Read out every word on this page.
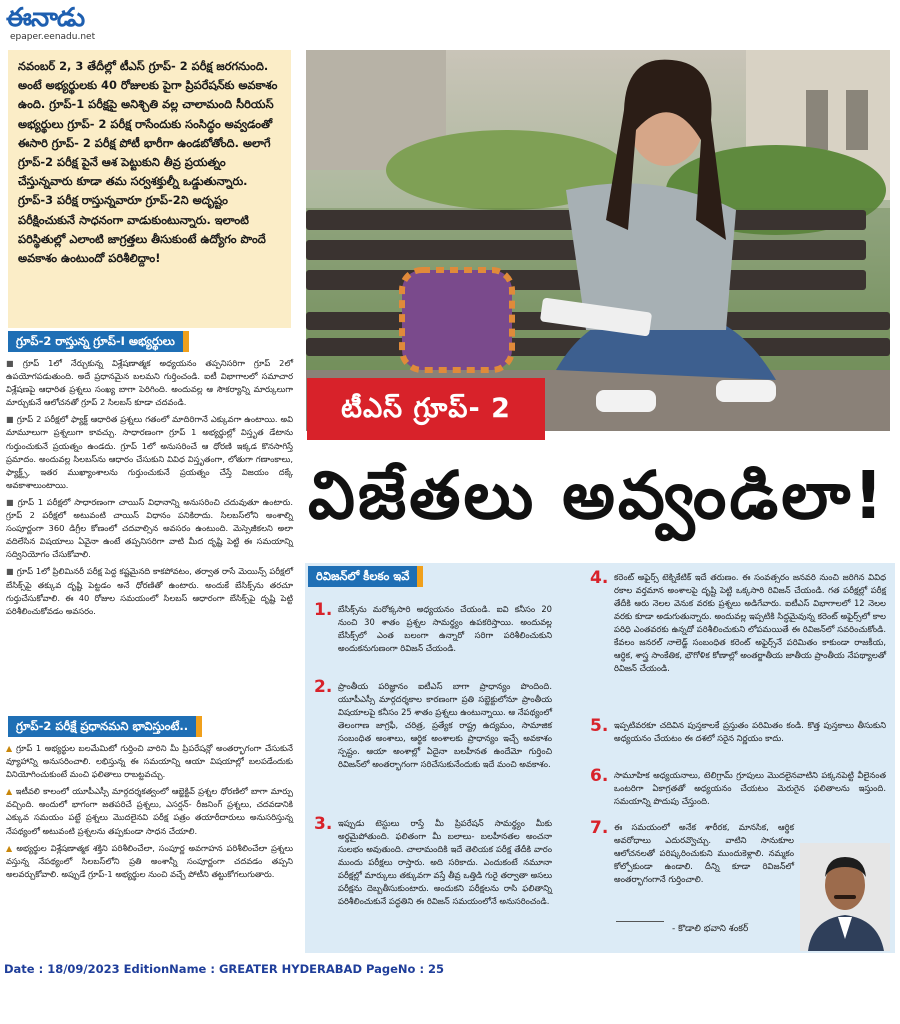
ఈనాడు
epaper.eenadu.net
నవంబర్ 2, 3 తేదీల్లో టీఎస్ గ్రూప్- 2 పరీక్ష జరగనుంది. అంటే అభ్యర్థులకు 40 రోజులకు పైగా ప్రిపరేషన్‌కు అవకాశం ఉంది. గ్రూప్-1 పరీక్షపై అనిశ్చితి వల్ల చాలామంది సీరియస్ అభ్యర్థులు గ్రూప్- 2 పరీక్ష రాసేందుకు సంసిద్ధం అవ్వడంతో ఈసారి గ్రూప్- 2 పరీక్ష పోటీ భారీగా ఉండబోతోంది. అలాగే గ్రూప్-2 పరీక్ష పైనే ఆశ పెట్టుకుని తీవ్ర ప్రయత్నం చేస్తున్నవారు కూడా తమ సర్వశక్తుల్నీ ఒడ్డుతున్నారు. గ్రూప్-3 పరీక్ష రాస్తున్నవారూ గ్రూప్-2ని అదృష్టం పరీక్షించుకునే సాధనంగా వాడుకుంటున్నారు. ఇలాంటి పరిస్థితుల్లో ఎలాంటి జాగ్రత్తలు తీసుకుంటే ఉద్యోగం పొందే అవకాశం ఉంటుందో పరిశీలిద్దాం!
గ్రూప్-2 రాస్తున్న గ్రూప్-I అభ్యర్థులు

■ గ్రూప్ 1లో నేర్చుకున్న విశ్లేషణాత్మక అధ్యయనం తప్పనిసరిగా గ్రూప్ 2లో ఉపయోగపడుతుంది. అదే ప్రధానమైన బలమని గుర్తించండి. ఐటీ విభాగాలలో సమాచార విశ్లేషణపై ఆధారిత ప్రశ్నలు సంఖ్య బాగా పెరిగింది. అందువల్ల ఆ సౌకర్యాన్ని మార్కులుగా మార్చుకునే ఆలోచనతో గ్రూప్ 2 సిలబస్ కూడా చదవండి.

■ గ్రూప్ 2 పరీక్షలో ఫ్యాక్ట్ ఆధారిత ప్రశ్నలు గతంలో మాదిరిగానే ఎక్కువగా ఉంటాయి. అవి మామూలుగా ప్రశ్నలుగా కావచ్చు. సాధారణంగా గ్రూప్ 1 అభ్యర్థుల్లో విస్తృత డేటాను గుర్తుంచుకునే ప్రయత్నం ఉండదు. గ్రూప్ 1లో అనుసరించే ఆ ధోరణి ఇక్కడ కొనసాగిస్తే ప్రమాదం. అందువల్ల సిలబస్‌ను ఆధారం చేసుకుని వివిధ విస్తృతంగా, లోతుగా గణాంకాలు, ఫ్యాక్ట్స్, ఇతర ముఖ్యాంశాలను గుర్తుంచుకునే ప్రయత్నం చేస్తే విజయం దక్కే అవకాశాలుంటాయి.

■ గ్రూప్ 1 పరీక్షలో సాధారణంగా చాయిస్ విధానాన్ని అనుసరించి చదువుతూ ఉంటారు. గ్రూప్ 2 పరీక్షలో అటువంటి చాయిస్ విధానం పనికిరాదు. సిలబస్‌లోని అంశాల్ని సంపూర్ణంగా 360 డిగ్రీల కోణంలో చదవాల్సిన అవసరం ఉంటుంది. మెస్సెజీకలని అలా వదిలేసిన విషయాలు ఏవైనా ఉంటే తప్పనిసరిగా వాటి మీద దృష్టి పెట్టి ఈ సమయాన్ని సద్వినియోగం చేసుకోవాలి.

■ గ్రూప్ 1లో ప్రిలిమినరీ పరీక్ష పెద్ద కష్టమైనది కాకపోవటం, తర్వాత రాసే మెయిన్స్ పరీక్షలో బేసిక్స్‌పై తక్కువ దృష్టి పెట్టడం అనే ధోరణితో ఉంటారు. అందుకే బేసిక్స్‌ను తరచూ గుర్తుచేసుకోవాలి. ఈ 40 రోజుల సమయంలో సిలబస్ ఆధారంగా బేసిక్స్‌పై దృష్టి పెట్టి పరిశీలించుకోవడం అవసరం.

గ్రూప్-2 పరీక్షే ప్రధానమని భావిస్తుంటే..

▲ గ్రూప్ 1 అభ్యర్థుల బలమేమిటో గుర్తించి వారిని మీ ప్రిపరేషన్లో అంతర్భాగంగా చేసుకునే వ్యూహాన్ని అనుసరించాలి. లభిస్తున్న ఈ సమయాన్ని ఆయా విషయాల్లో బలపడేందుకు వినియోగించుకుంటే మంచి ఫలితాలు రాబట్టవచ్చు.

▲ ఇటీవలి కాలంలో యూపీఎస్సీ మార్గదర్శకత్వంలో ఆబ్జెక్టివ్ ప్రశ్నల ధోరణిలో బాగా మార్పు వచ్చింది. అందులో భాగంగా జతపరిచే ప్రశ్నలు, ఎసర్షన్- రీజనింగ్ ప్రశ్నలు, చదవడానికి ఎక్కువ సమయం పట్టే ప్రశ్నలు మొదలైనవి పరీక్ష పత్రం తయారీదారులు అనుసరిస్తున్న నేపథ్యంలో అటువంటి ప్రశ్నలను తప్పకుండా సాధన చేయాలి.

▲ అభ్యర్థుల విశ్లేషణాత్మక శక్తిని పరిశీలించేలా, సంపూర్ణ అవగాహన పరిశీలించేలా ప్రశ్నలు వస్తున్న నేపథ్యంలో సిలబస్‌లోని ప్రతి అంశాన్నీ సంపూర్ణంగా చదవడం తప్పని అలవర్చుకోవాలి. అప్పుడే గ్రూప్-1 అభ్యర్థుల నుంచి వచ్చే పోటీని తట్టుకోగలుగుతారు.

టీఎస్ గ్రూప్- 2
విజేతలు అవ్వండిలా!
రివిజన్‌లో కీలకం ఇవే
1. బేసిక్స్‌ను మరోక్కసారి అధ్యయనం చేయండి. ఐవి కనీసం 20 నుంచి 30 శాతం ప్రశ్నల సామర్థ్యం ఉపకరిస్తాయి. అందువల్ల బేసిక్స్‌లో ఎంత బలంగా ఉన్నారో సరిగా పరిశీలించుకుని అందుకనుగుణంగా రివిజన్ చేయండి.
2. ప్రాంతీయ పరిజ్ఞానం ఐటీఎస్ బాగా ప్రాధాన్యం పొందింది. యూపీఎస్సీ మార్గదర్శకాల కారణంగా ప్రతి సబ్జెక్టులోనూ ప్రాంతీయ విషయాలపై కనీసం 25 శాతం ప్రశ్నలు ఉంటున్నాయి. ఆ నేపథ్యంలో తెలంగాణ జాగ్రఫీ, చరిత్ర, ప్రత్యేక రాష్ట్ర ఉద్యమం, సామాజిక సంబంధిత అంశాలు, ఆర్థిక అంశాలకు ప్రాధాన్యం ఇచ్చే అవకాశం స్పష్టం. ఆయా అంశాల్లో ఏదైనా బలహీనత ఉందేమో గుర్తించి రివిజన్‌లో అంతర్భాగంగా సరిచేసుకునేందుకు ఇదే మంచి అవకాశం.
3. ఇప్పుడు టెస్టులు రాస్తే మీ ప్రిపరేషన్ సామర్థ్యం మీకు అర్థమైపోతుంది. ఫలితంగా మీ బలాలు- బలహీనతల అంచనా సులభం అవుతుంది. చాలామందికి ఇదే తెలియక పరీక్ష తేదీకి వారం ముందు పరీక్షలు రాస్తారు. అది సరికాదు. ఎందుకంటే నమూనా పరీక్షల్లో మార్కులు తక్కువగా వస్తే తీవ్ర ఒత్తిడి గురై తర్వాతా అసలు పరీక్షను దెబ్బతీసుకుంటారు. అందుకని పరీక్షలను రాసి ఫలితాన్ని పరిశీలించుకునే పద్ధతిని ఈ రివిజన్ సమయంలోనే అనుసరించండి.
4. కరెంట్ అఫైర్స్ టెక్నికేటిక్ ఇదే తరుణం. ఈ సంవత్సరం జనవరి నుంచి జరిగిన వివిధ రకాల వర్తమాన అంశాలపై దృష్టి పెట్టి ఒక్కసారి రివిజన్ చేయండి. గత పరీక్షల్లో పరీక్ష తేదీకి ఆరు నెలల వెనుక వరకు ప్రశ్నలు అడిగేవారు. ఐటీఎస్ విభాగాలలో 12 నెలల వరకు కూడా అడుగుతున్నారు. అందువల్ల ఇప్పటికి సిద్ధమైవున్న కరెంట్ అఫైర్స్‌లో కాల పరిధి ఎంతవరకు ఉన్నదో పరిశీలించుకుని లోపమయితే ఈ రివిజన్‌లో సవరించుకోండి. కేవలం జనరల్ నాలెడ్జ్ సంబంధిత కరెంట్ అఫైర్స్‌నే పరిమితం కాకుండా రాజకీయ, ఆర్థిక, శాస్త్ర సాంకేతిక, భౌగోళిక కోణాల్లో అంతర్జాతీయ జాతీయ ప్రాంతీయ నేపథ్యాలతో రివిజన్ చేయండి.
5. ఇప్పటివరకూ చదివిన పుస్తకాలకే ప్రస్తుతం పరిమితం కండి. కొత్త పుస్తకాలు తీసుకుని అధ్యయనం చేయటం ఈ దశలో సరైన నిర్ణయం కాదు.
6. సామూహిక అధ్యయనాలు, టెలిగ్రామ్ గ్రూపులు మొదలైనవాటిని పక్కనపెట్టి వీలైనంత ఒంటరిగా ఏకాగ్రతతో అధ్యయనం చేయటం మెరుగైన ఫలితాలను ఇస్తుంది. సమయాన్ని పొదుపు చేస్తుంది.
7. ఈ సమయంలో అనేక శారీరక, మానసిక, ఆర్థిక అవరోధాలు ఎదురవ్వొచ్చు. వాటిని సానుకూల ఆలోచనలతో పరిష్కరించుకుని ముందుకెళ్లాలి. నమ్మకం కోల్పోకుండా ఉండాలి. దీన్ని కూడా రివిజన్‌లో అంతర్భాగంగానే గుర్తించాలి.
- కొడాలి భవాని శంకర్
Date : 18/09/2023 EditionName : GREATER HYDERABAD PageNo : 25
